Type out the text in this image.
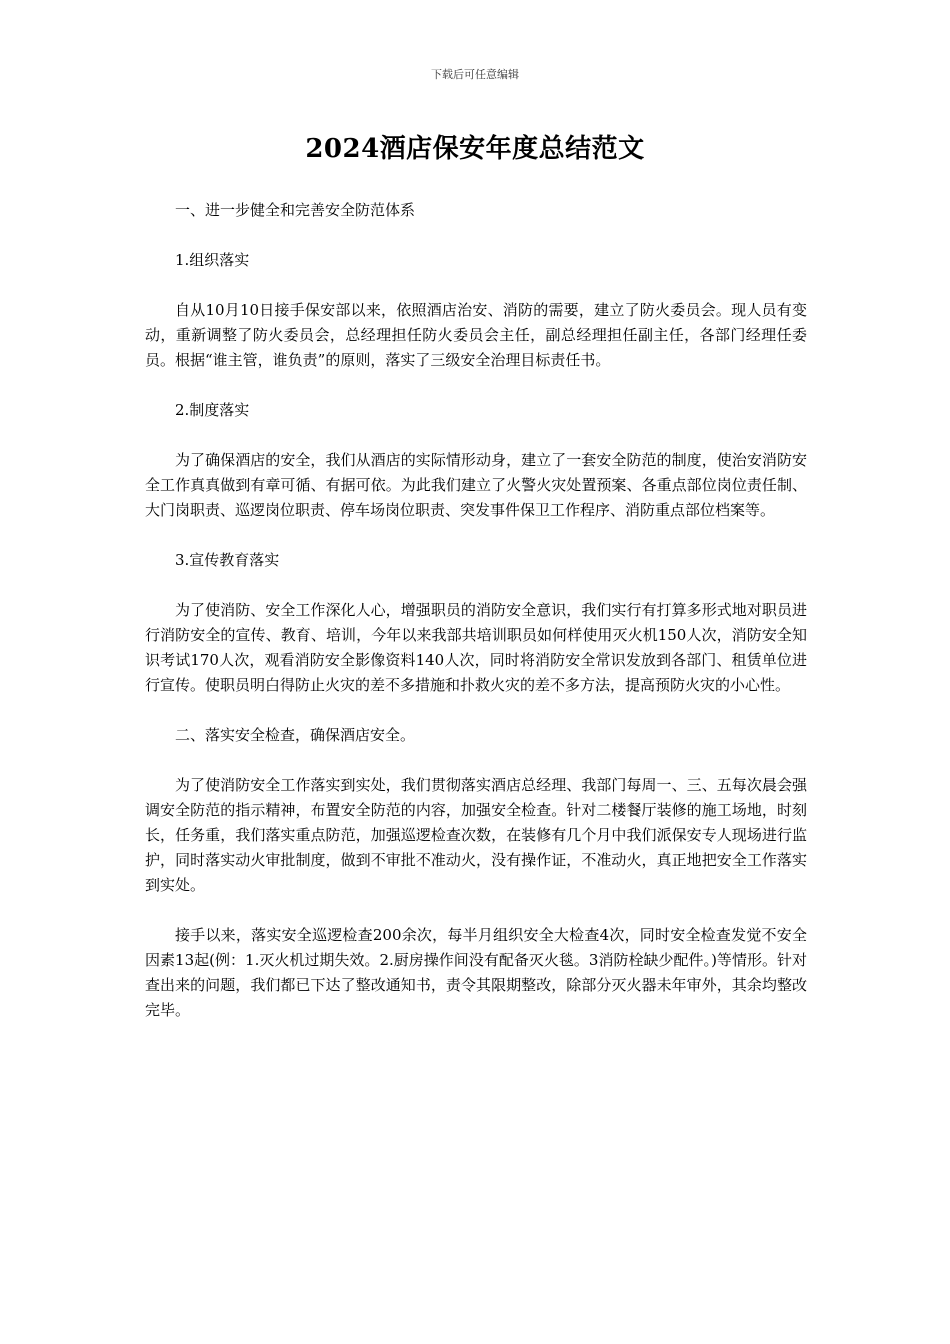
下载后可任意编辑
2024酒店保安年度总结范文

一、进一步健全和完善安全防范体系

1.组织落实

自从10月10日接手保安部以来，依照酒店治安、消防的需要，建立了防火委员会。现人员有变动，重新调整了防火委员会，总经理担任防火委员会主任，副总经理担任副主任，各部门经理任委员。根据“谁主管，谁负责”的原则，落实了三级安全治理目标责任书。

2.制度落实

为了确保酒店的安全，我们从酒店的实际情形动身，建立了一套安全防范的制度，使治安消防安全工作真真做到有章可循、有据可依。为此我们建立了火警火灾处置预案、各重点部位岗位责任制、大门岗职责、巡逻岗位职责、停车场岗位职责、突发事件保卫工作程序、消防重点部位档案等。

3.宣传教育落实

为了使消防、安全工作深化人心，增强职员的消防安全意识，我们实行有打算多形式地对职员进行消防安全的宣传、教育、培训，今年以来我部共培训职员如何样使用灭火机150人次，消防安全知识考试170人次，观看消防安全影像资料140人次，同时将消防安全常识发放到各部门、租赁单位进行宣传。使职员明白得防止火灾的差不多措施和扑救火灾的差不多方法，提高预防火灾的小心性。

二、落实安全检查，确保酒店安全。

为了使消防安全工作落实到实处，我们贯彻落实酒店总经理、我部门每周一、三、五每次晨会强调安全防范的指示精神，布置安全防范的内容，加强安全检查。针对二楼餐厅装修的施工场地，时刻长，任务重，我们落实重点防范，加强巡逻检查次数，在装修有几个月中我们派保安专人现场进行监护，同时落实动火审批制度，做到不审批不准动火，没有操作证，不准动火，真正地把安全工作落实到实处。

接手以来，落实安全巡逻检查200余次，每半月组织安全大检查4次，同时安全检查发觉不安全因素13起(例：1.灭火机过期失效。2.厨房操作间没有配备灭火毯。3消防栓缺少配件。)等情形。针对查出来的问题，我们都已下达了整改通知书，责令其限期整改，除部分灭火器未年审外，其余均整改完毕。
